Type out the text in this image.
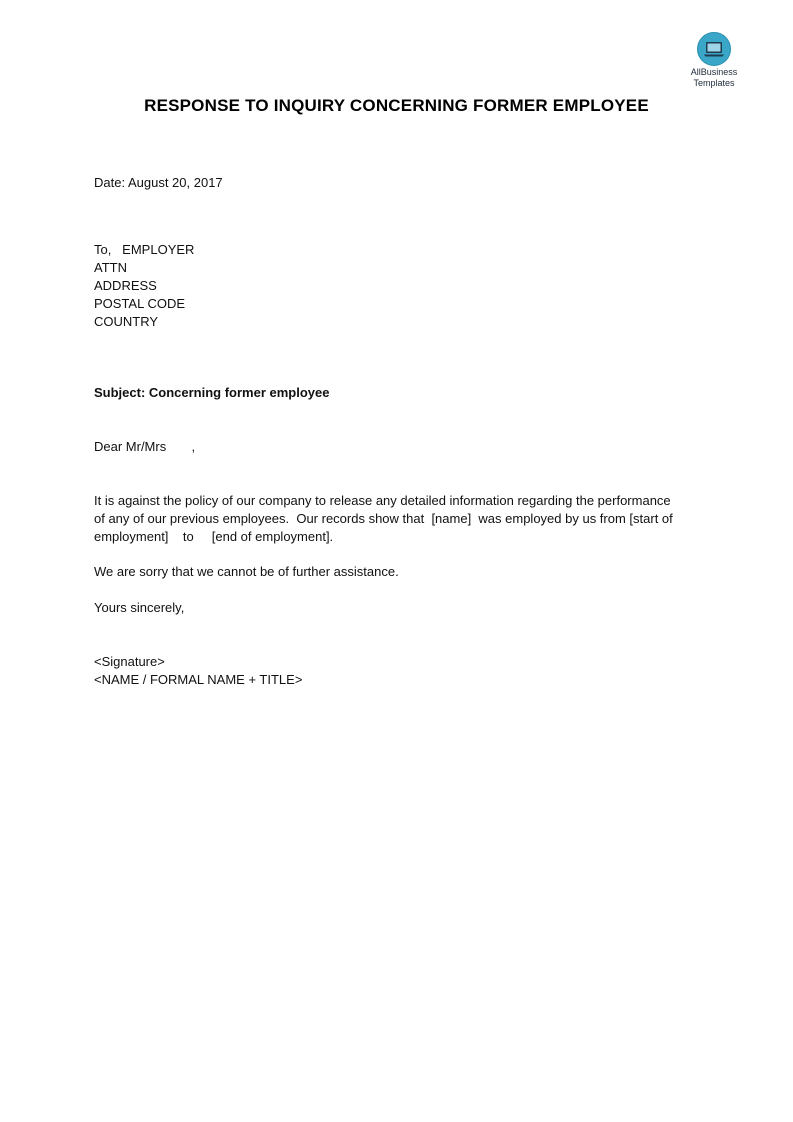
AllBusiness
Templates
RESPONSE TO INQUIRY CONCERNING FORMER EMPLOYEE
Date: August 20, 2017
To,   EMPLOYER
ATTN
ADDRESS
POSTAL CODE
COUNTRY
Subject: Concerning former employee
Dear Mr/Mrs       ,
It is against the policy of our company to release any detailed information regarding the performance
of any of our previous employees.  Our records show that  [name]  was employed by us from [start of
employment]    to     [end of employment].
We are sorry that we cannot be of further assistance.
Yours sincerely,
<Signature>
<NAME / FORMAL NAME + TITLE>
